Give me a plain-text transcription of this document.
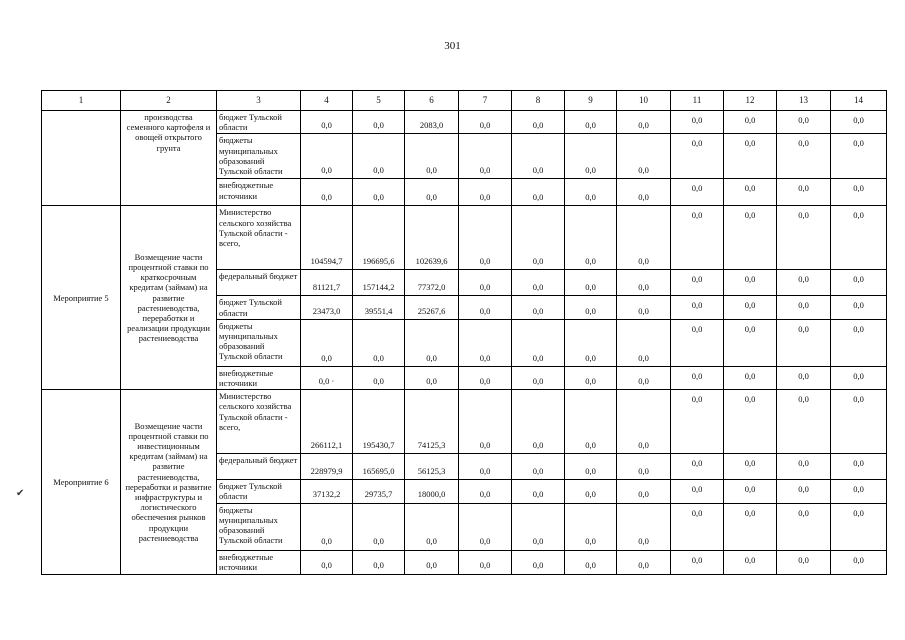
301
✔
1	2	3	4	5	6	7	8	9	10	11	12	13	14
	производства семенного картофеля и овощей открытого грунта	бюджет Тульской области	0,0	0,0	2083,0	0,0	0,0	0,0	0,0	0,0	0,0	0,0	0,0
		бюджеты муниципальных образований Тульской области	0,0	0,0	0,0	0,0	0,0	0,0	0,0	0,0	0,0	0,0	0,0
		внебюджетные источники	0,0	0,0	0,0	0,0	0,0	0,0	0,0	0,0	0,0	0,0	0,0
Мероприятие 5	Возмещение части процентной ставки по краткосрочным кредитам (займам) на развитие растениеводства, переработки и реализации продукции растениеводства	Министерство сельского хозяйства Тульской области - всего,	104594,7	196695,6	102639,6	0,0	0,0	0,0	0,0	0,0	0,0	0,0	0,0
		федеральный бюджет	81121,7	157144,2	77372,0	0,0	0,0	0,0	0,0	0,0	0,0	0,0	0,0
		бюджет Тульской области	23473,0	39551,4	25267,6	0,0	0,0	0,0	0,0	0,0	0,0	0,0	0,0
		бюджеты муниципальных образований Тульской области	0,0	0,0	0,0	0,0	0,0	0,0	0,0	0,0	0,0	0,0	0,0
		внебюджетные источники	0,0 ·	0,0	0,0	0,0	0,0	0,0	0,0	0,0	0,0	0,0	0,0
Мероприятие 6	Возмещение части процентной ставки по инвестиционным кредитам (займам) на развитие растениеводства, переработки и развитие инфраструктуры и логистического обеспечения рынков продукции растениеводства	Министерство сельского хозяйства Тульской области - всего,	266112,1	195430,7	74125,3	0,0	0,0	0,0	0,0	0,0	0,0	0,0	0,0
		федеральный бюджет	228979,9	165695,0	56125,3	0,0	0,0	0,0	0,0	0,0	0,0	0,0	0,0
		бюджет Тульской области	37132,2	29735,7	18000,0	0,0	0,0	0,0	0,0	0,0	0,0	0,0	0,0
		бюджеты муниципальных образований Тульской области	0,0	0,0	0,0	0,0	0,0	0,0	0,0	0,0	0,0	0,0	0,0
		внебюджетные источники	0,0	0,0	0,0	0,0	0,0	0,0	0,0	0,0	0,0	0,0	0,0
